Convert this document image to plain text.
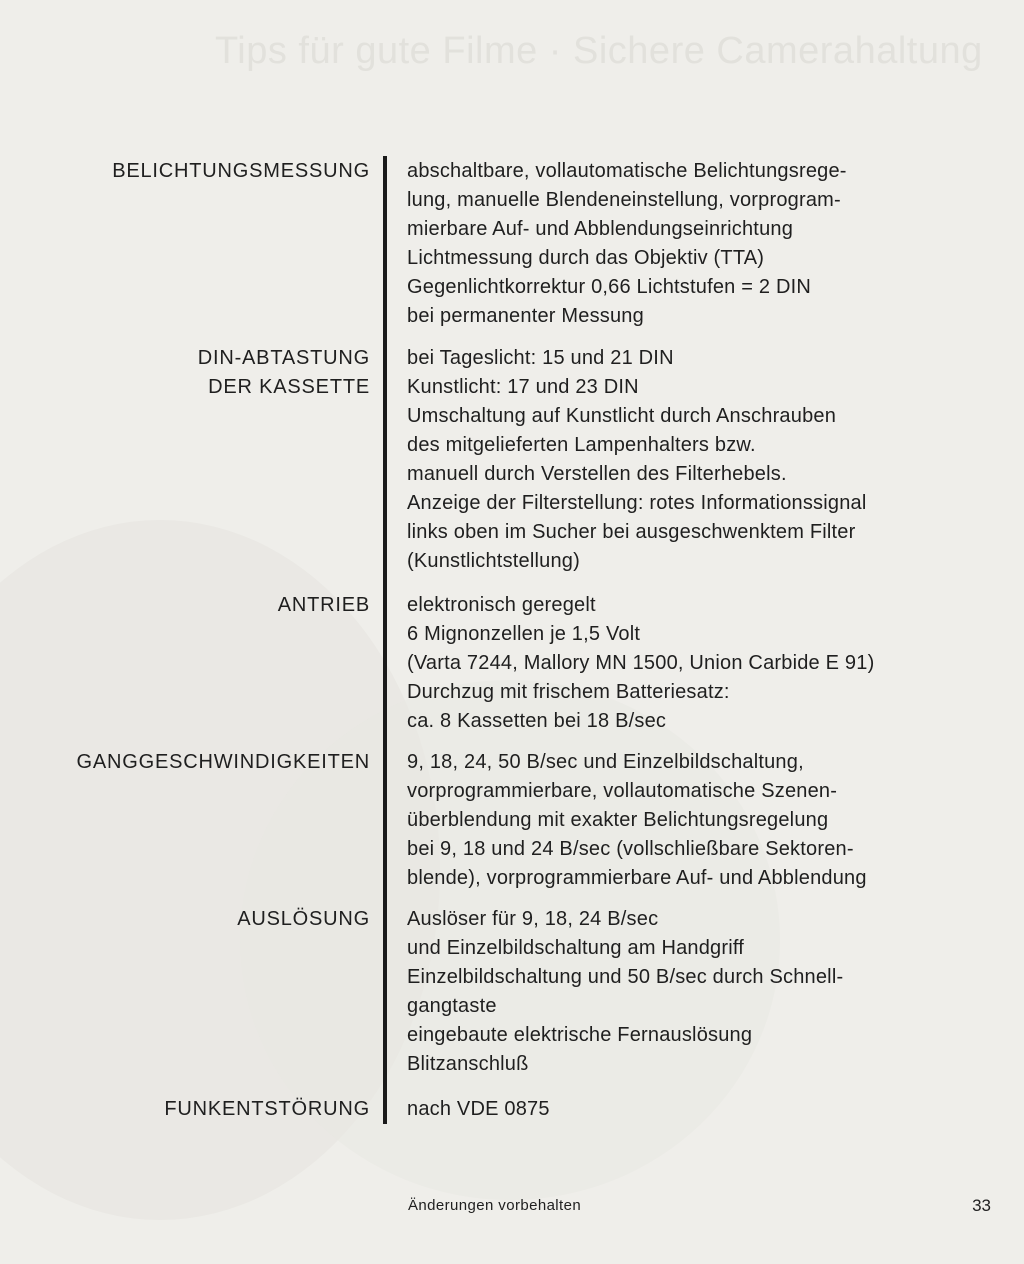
Tips für gute Filme · Sichere Camerahaltung
BELICHTUNGSMESSUNG abschaltbare, vollautomatische Belichtungsrege-
lung, manuelle Blendeneinstellung, vorprogram-
mierbare Auf- und Abblendungseinrichtung
Lichtmessung durch das Objektiv (TTA)
Gegenlichtkorrektur 0,66 Lichtstufen = 2 DIN
bei permanenter Messung
DIN-ABTASTUNG
DER KASSETTE
bei Tageslicht: 15 und 21 DIN
Kunstlicht: 17 und 23 DIN
Umschaltung auf Kunstlicht durch Anschrauben
des mitgelieferten Lampenhalters bzw.
manuell durch Verstellen des Filterhebels.
Anzeige der Filterstellung: rotes Informationssignal
links oben im Sucher bei ausgeschwenktem Filter
(Kunstlichtstellung)
ANTRIEB elektronisch geregelt
6 Mignonzellen je 1,5 Volt
(Varta 7244, Mallory MN 1500, Union Carbide E 91)
Durchzug mit frischem Batteriesatz:
ca. 8 Kassetten bei 18 B/sec
GANGGESCHWINDIGKEITEN 9, 18, 24, 50 B/sec und Einzelbildschaltung,
vorprogrammierbare, vollautomatische Szenen-
überblendung mit exakter Belichtungsregelung
bei 9, 18 und 24 B/sec (vollschließbare Sektoren-
blende), vorprogrammierbare Auf- und Abblendung
AUSLÖSUNG Auslöser für 9, 18, 24 B/sec
und Einzelbildschaltung am Handgriff
Einzelbildschaltung und 50 B/sec durch Schnell-
gangtaste
eingebaute elektrische Fernauslösung
Blitzanschluß
FUNKENTSTÖRUNG nach VDE 0875
Änderungen vorbehalten	33
